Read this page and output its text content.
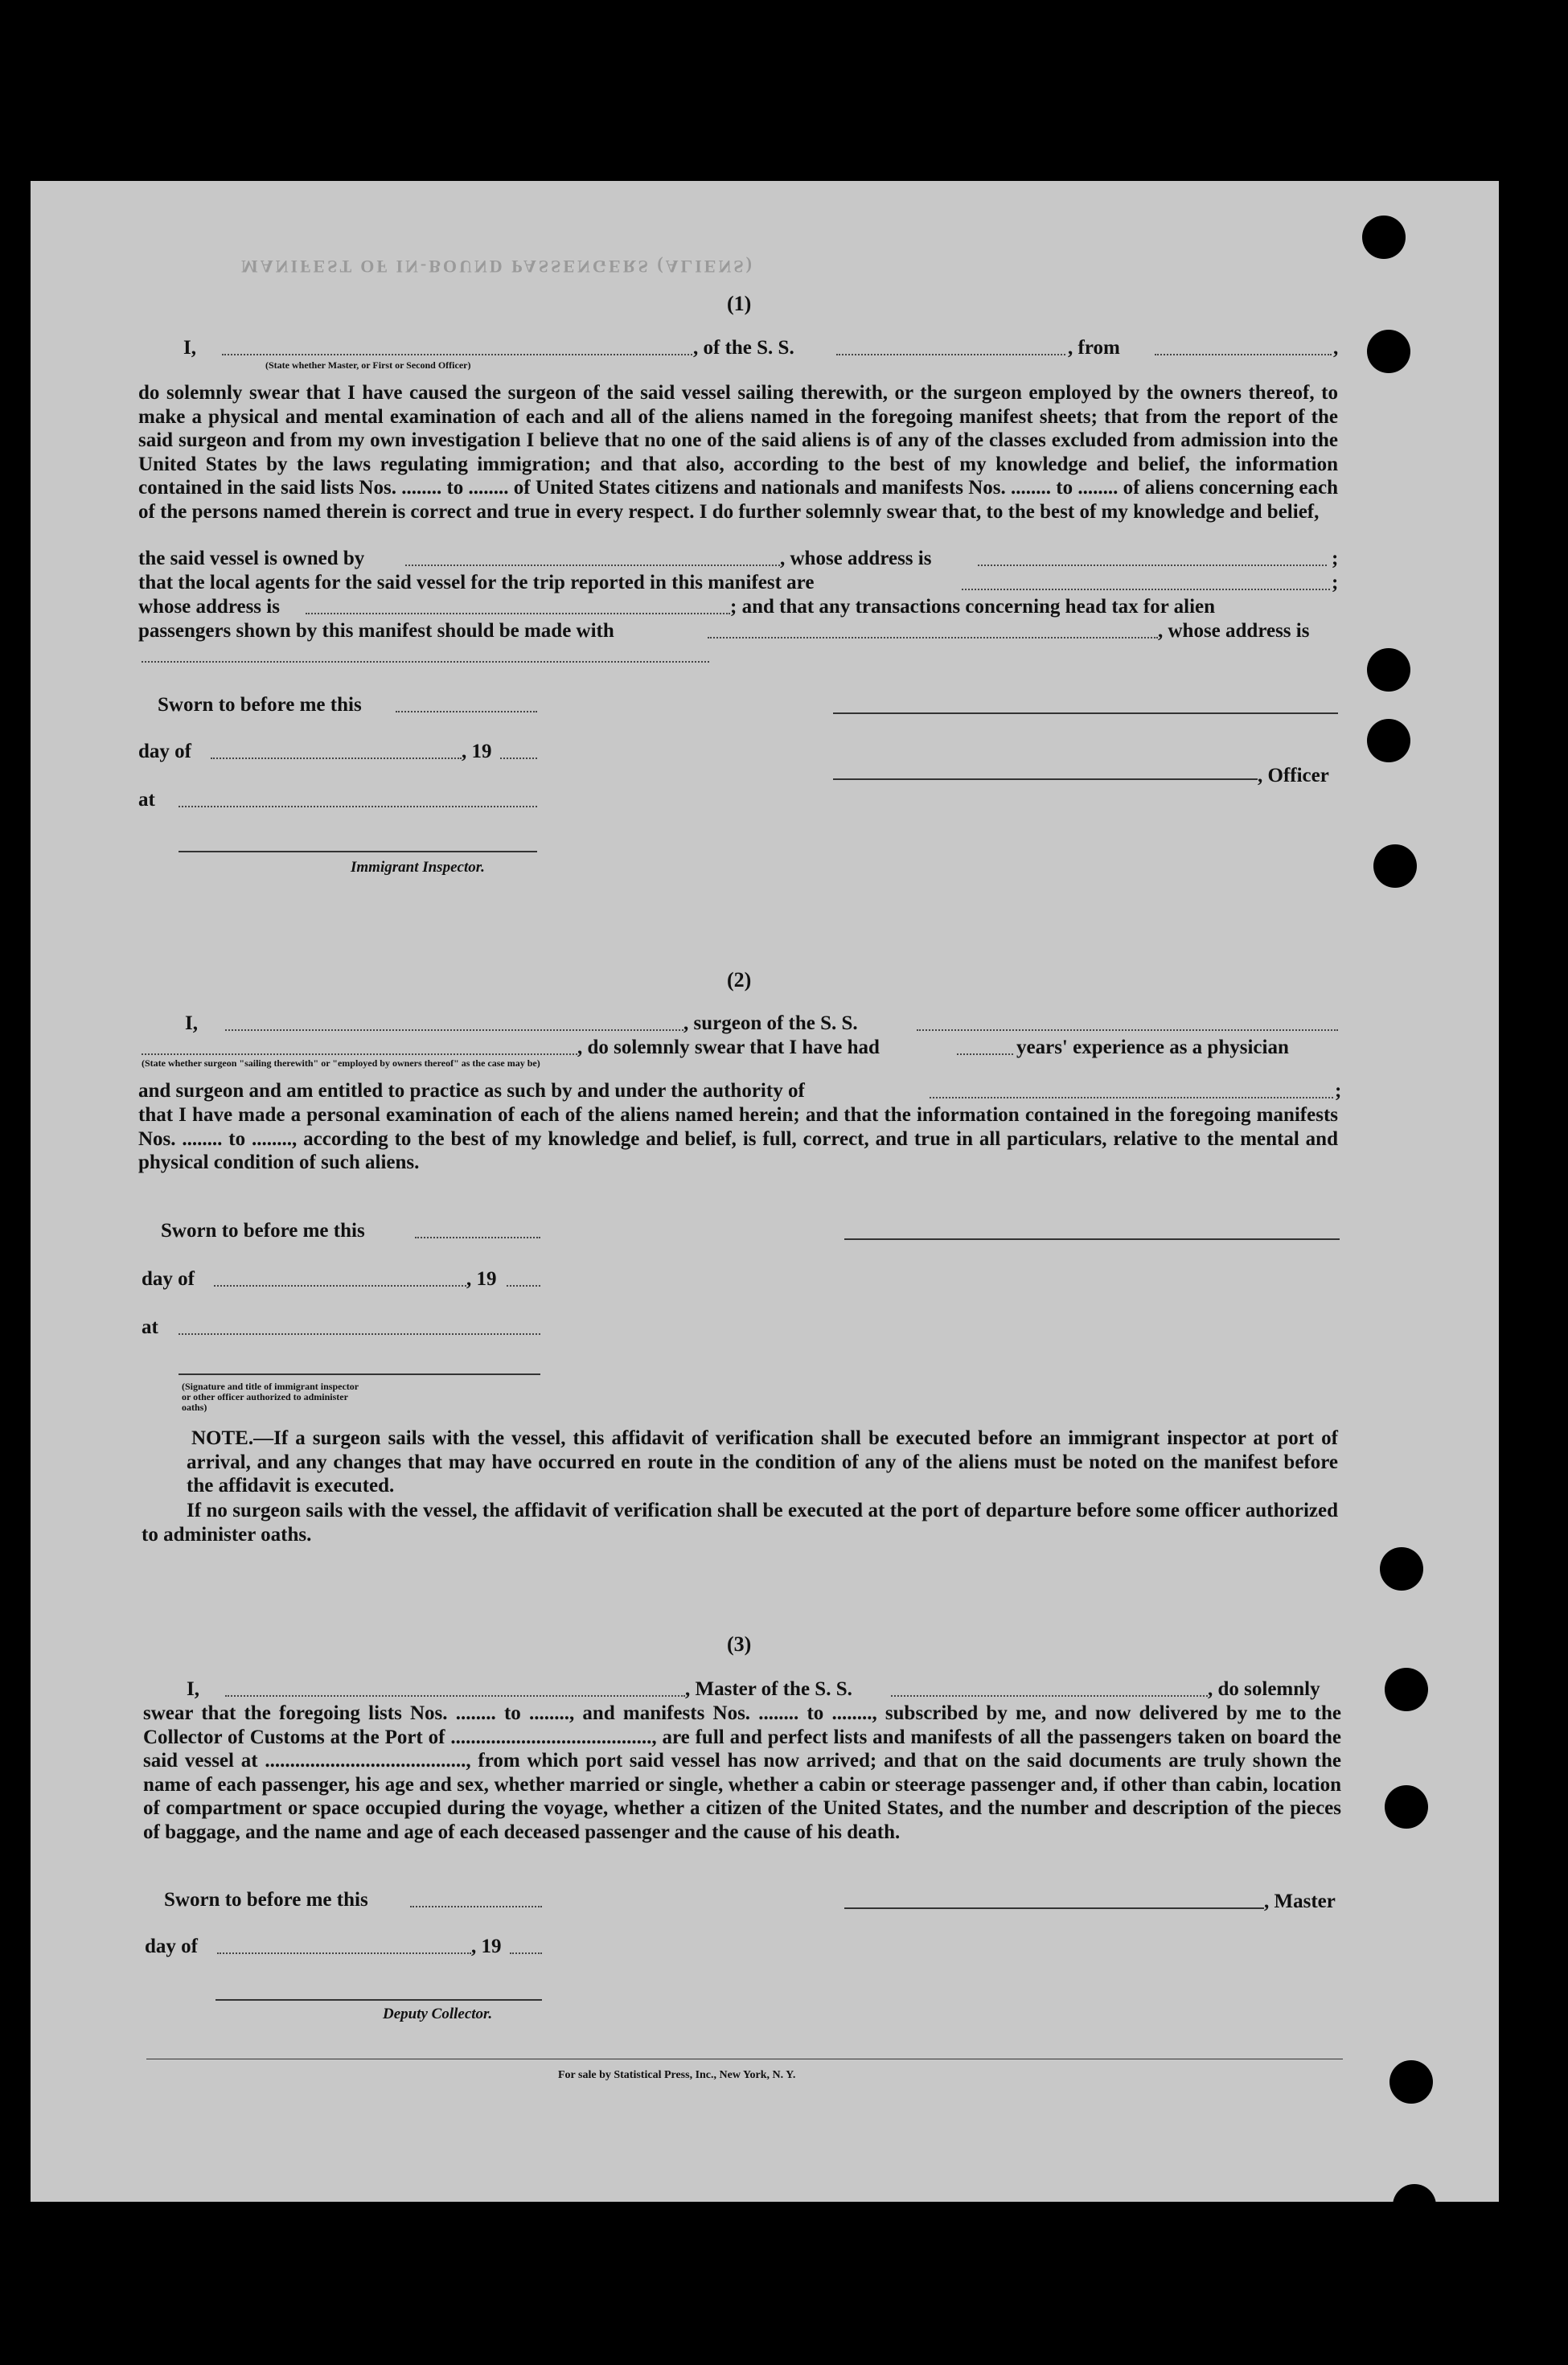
MANIFEST OF IN-BOUND PASSENGERS (ALIENS)
(1)
I,	, of the S. S.	, from	,
(State whether Master, or First or Second Officer)

do solemnly swear that I have caused the surgeon of the said vessel sailing therewith, or the surgeon employed by the owners thereof, to make a physical and mental examination of each and all of the aliens named in the foregoing manifest sheets; that from the report of the said surgeon and from my own investigation I believe that no one of the said aliens is of any of the classes excluded from admission into the United States by the laws regulating immigration; and that also, according to the best of my knowledge and belief, the information contained in the said lists Nos. ........ to ........ of United States citizens and nationals and manifests Nos. ........ to ........ of aliens concerning each of the persons named therein is correct and true in every respect. I do further solemnly swear that, to the best of my knowledge and belief,

the said vessel is owned by	, whose address is	;
that the local agents for the said vessel for the trip reported in this manifest are	;
whose address is	; and that any transactions concerning head tax for alien
passengers shown by this manifest should be made with	, whose address is
Sworn to before me this
day of	, 19
, Officer
at
Immigrant Inspector.
(2)
I,	, surgeon of the S. S.
, do solemnly swear that I have had	years' experience as a physician
(State whether surgeon "sailing therewith" or "employed by owners thereof" as the case may be)
and surgeon and am entitled to practice as such by and under the authority of	;

that I have made a personal examination of each of the aliens named herein; and that the information contained in the foregoing manifests Nos. ........ to ........, according to the best of my knowledge and belief, is full, correct, and true in all particulars, relative to the mental and physical condition of such aliens.

Sworn to before me this
day of	, 19
at
(Signature and title of immigrant inspector or other officer authorized to administer oaths)

NOTE.—If a surgeon sails with the vessel, this affidavit of verification shall be executed before an immigrant inspector at port of arrival, and any changes that may have occurred en route in the condition of any of the aliens must be noted on the manifest before the affidavit is executed.

If no surgeon sails with the vessel, the affidavit of verification shall be executed at the port of departure before some officer authorized to administer oaths.

(3)
I,	, Master of the S. S.	, do solemnly

swear that the foregoing lists Nos. ........ to ........, and manifests Nos. ........ to ........, subscribed by me, and now delivered by me to the Collector of Customs at the Port of ........................................, are full and perfect lists and manifests of all the passengers taken on board the said vessel at ........................................, from which port said vessel has now arrived; and that on the said documents are truly shown the name of each passenger, his age and sex, whether married or single, whether a cabin or steerage passenger and, if other than cabin, location of compartment or space occupied during the voyage, whether a citizen of the United States, and the number and description of the pieces of baggage, and the name and age of each deceased passenger and the cause of his death.

Sworn to before me this	, Master
day of	, 19
Deputy Collector.
For sale by Statistical Press, Inc., New York, N. Y.
